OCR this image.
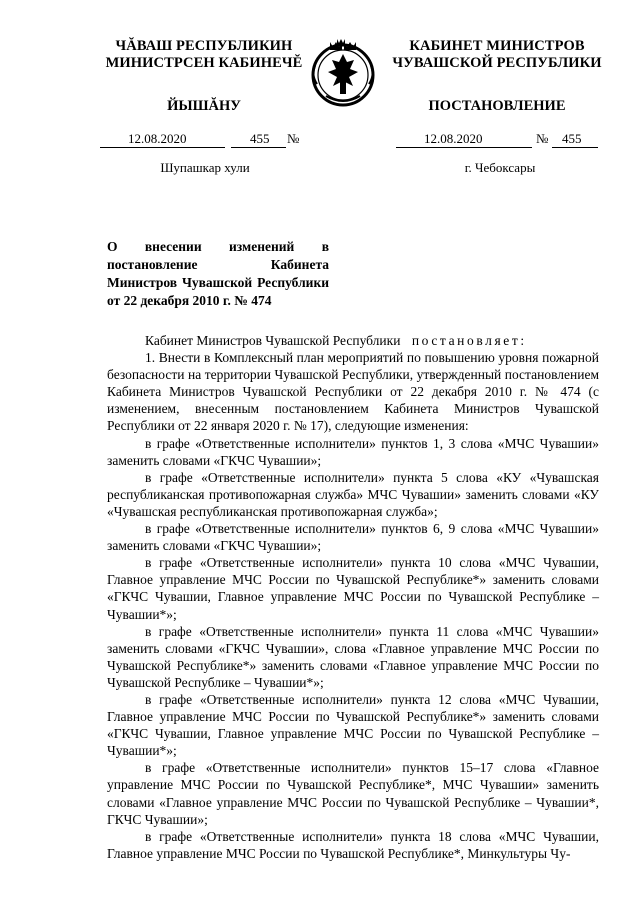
ЧĂВАШ РЕСПУБЛИКИН
МИНИСТРСЕН КАБИНЕЧĔ
ЙЫШĂНУ
КАБИНЕТ МИНИСТРОВ
ЧУВАШСКОЙ РЕСПУБЛИКИ
ПОСТАНОВЛЕНИЕ
12.08.2020	455 №	12.08.2020	№ 455
Шупашкар хули	г. Чебоксары
О внесении изменений в постановление Кабинета Министров Чувашской Республики от 22 декабря 2010 г. № 474

Кабинет Министров Чувашской Республики постановляет:

1. Внести в Комплексный план мероприятий по повышению уровня пожарной безопасности на территории Чувашской Республики, утвержденный постановлением Кабинета Министров Чувашской Республики от 22 декабря 2010 г. № 474 (с изменением, внесенным постановлением Кабинета Министров Чувашской Республики от 22 января 2020 г. № 17), следующие изменения:

в графе «Ответственные исполнители» пунктов 1, 3 слова «МЧС Чувашии» заменить словами «ГКЧС Чувашии»;

в графе «Ответственные исполнители» пункта 5 слова «КУ «Чувашская республиканская противопожарная служба» МЧС Чувашии» заменить словами «КУ «Чувашская республиканская противопожарная служба»;

в графе «Ответственные исполнители» пунктов 6, 9 слова «МЧС Чувашии» заменить словами «ГКЧС Чувашии»;

в графе «Ответственные исполнители» пункта 10 слова «МЧС Чувашии, Главное управление МЧС России по Чувашской Республике*» заменить словами «ГКЧС Чувашии, Главное управление МЧС России по Чувашской Республике – Чувашии*»;

в графе «Ответственные исполнители» пункта 11 слова «МЧС Чувашии» заменить словами «ГКЧС Чувашии», слова «Главное управление МЧС России по Чувашской Республике*» заменить словами «Главное управление МЧС России по Чувашской Республике – Чувашии*»;

в графе «Ответственные исполнители» пункта 12 слова «МЧС Чувашии, Главное управление МЧС России по Чувашской Республике*» заменить словами «ГКЧС Чувашии, Главное управление МЧС России по Чувашской Республике – Чувашии*»;

в графе «Ответственные исполнители» пунктов 15–17 слова «Главное управление МЧС России по Чувашской Республике*, МЧС Чувашии» заменить словами «Главное управление МЧС России по Чувашской Республике – Чувашии*, ГКЧС Чувашии»;

в графе «Ответственные исполнители» пункта 18 слова «МЧС Чувашии, Главное управление МЧС России по Чувашской Республике*, Минкультуры Чу-
